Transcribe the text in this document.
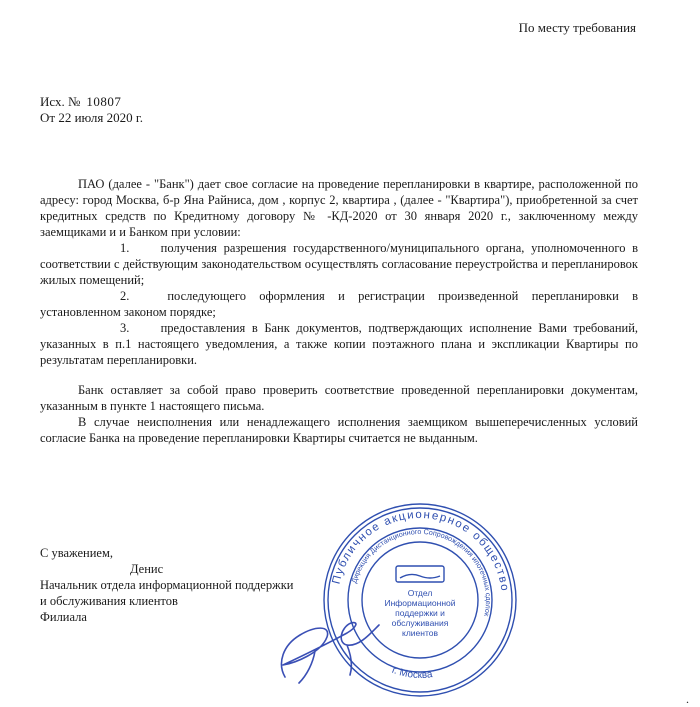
По месту требования
Исх. № 10807
От 22 июля 2020 г.

ПАО (далее - "Банк") дает свое согласие на проведение перепланировки в квартире, расположенной по адресу: город Москва, б-р Яна Райниса, дом , корпус 2, квартира , (далее - "Квартира"), приобретенной за счет кредитных средств по Кредитному договору № -КД-2020 от 30 января 2020 г., заключенному между заемщиками и и Банком при условии:

1.	получения разрешения государственного/муниципального органа, уполномоченного в соответствии с действующим законодательством осуществлять согласование переустройства и перепланировок жилых помещений;

2.	последующего оформления и регистрации произведенной перепланировки в установленном законом порядке;

3. предоставления в Банк документов, подтверждающих исполнение Вами требований, указанных в п.1 настоящего уведомления, а также копии поэтажного плана и экспликации Квартиры по результатам перепланировки.

Банк оставляет за собой право проверить соответствие проведенной перепланировки документам, указанным в пункте 1 настоящего письма.

В случае неисполнения или ненадлежащего исполнения заемщиком вышеперечисленных условий согласие Банка на проведение перепланировки Квартиры считается не выданным.

С уважением,
Денис
Начальник отдела информационной поддержки
и обслуживания клиентов
Филиала
Публичное акционерное общество
Дирекция Дистанционного Сопровождения ипотечных сделок
г. Москва
Отдел
Информационной
поддержки и
обслуживания
клиентов
.
